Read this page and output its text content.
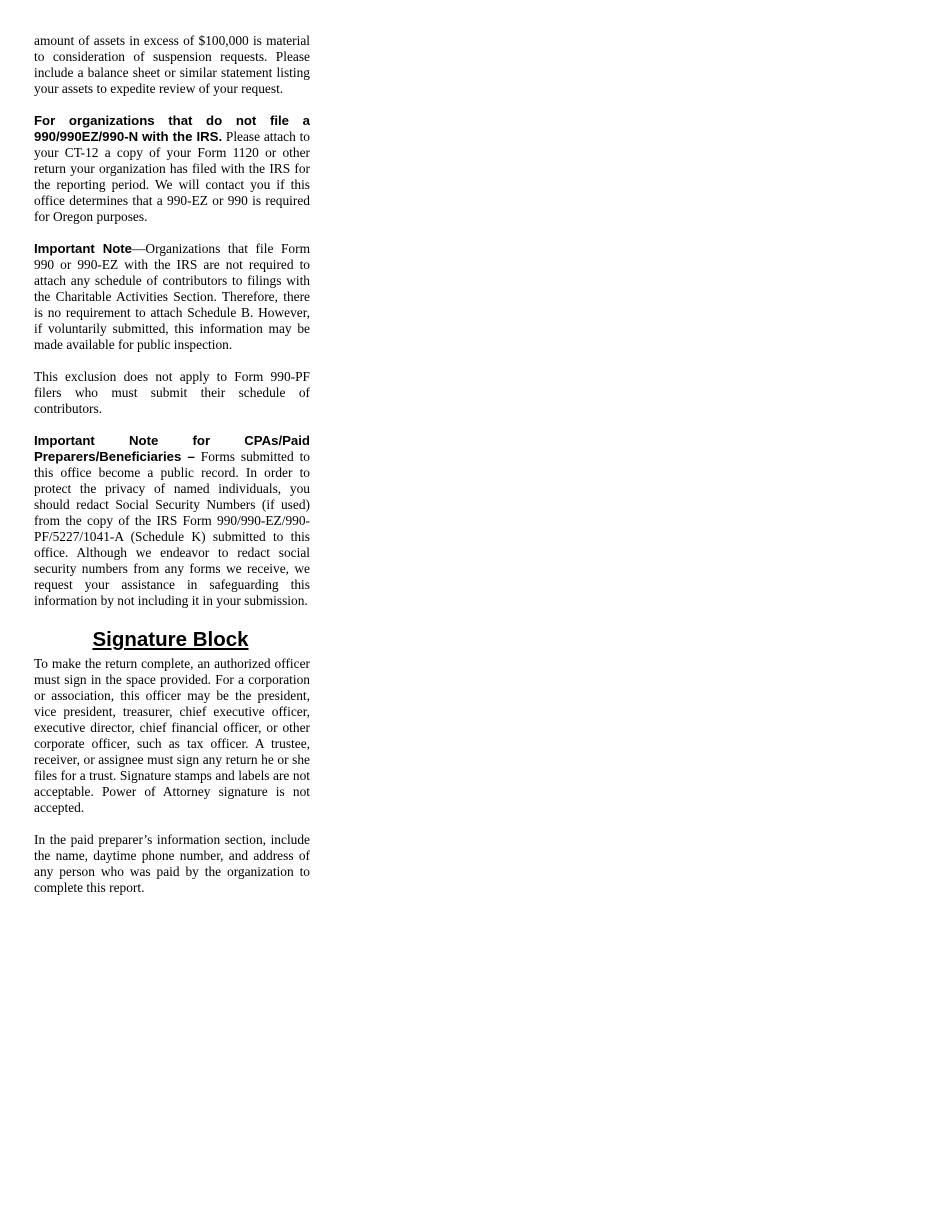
amount of assets in excess of $100,000 is material to consideration of suspension requests. Please include a balance sheet or similar statement listing your assets to expedite review of your request.

For organizations that do not file a 990/990EZ/990-N with the IRS. Please attach to your CT-12 a copy of your Form 1120 or other return your organization has filed with the IRS for the reporting period. We will contact you if this office determines that a 990-EZ or 990 is required for Oregon purposes.

Important Note—Organizations that file Form 990 or 990-EZ with the IRS are not required to attach any schedule of contributors to filings with the Charitable Activities Section. Therefore, there is no requirement to attach Schedule B. However, if voluntarily submitted, this information may be made available for public inspection.

This exclusion does not apply to Form 990-PF filers who must submit their schedule of contributors.

Important Note for CPAs/Paid Preparers/Beneficiaries – Forms submitted to this office become a public record. In order to protect the privacy of named individuals, you should redact Social Security Numbers (if used) from the copy of the IRS Form 990/990-EZ/990-PF/5227/1041-A (Schedule K) submitted to this office. Although we endeavor to redact social security numbers from any forms we receive, we request your assistance in safeguarding this information by not including it in your submission.

Signature Block

To make the return complete, an authorized officer must sign in the space provided. For a corporation or association, this officer may be the president, vice president, treasurer, chief executive officer, executive director, chief financial officer, or other corporate officer, such as tax officer. A trustee, receiver, or assignee must sign any return he or she files for a trust. Signature stamps and labels are not acceptable. Power of Attorney signature is not accepted.

In the paid preparer’s information section, include the name, daytime phone number, and address of any person who was paid by the organization to complete this report.
